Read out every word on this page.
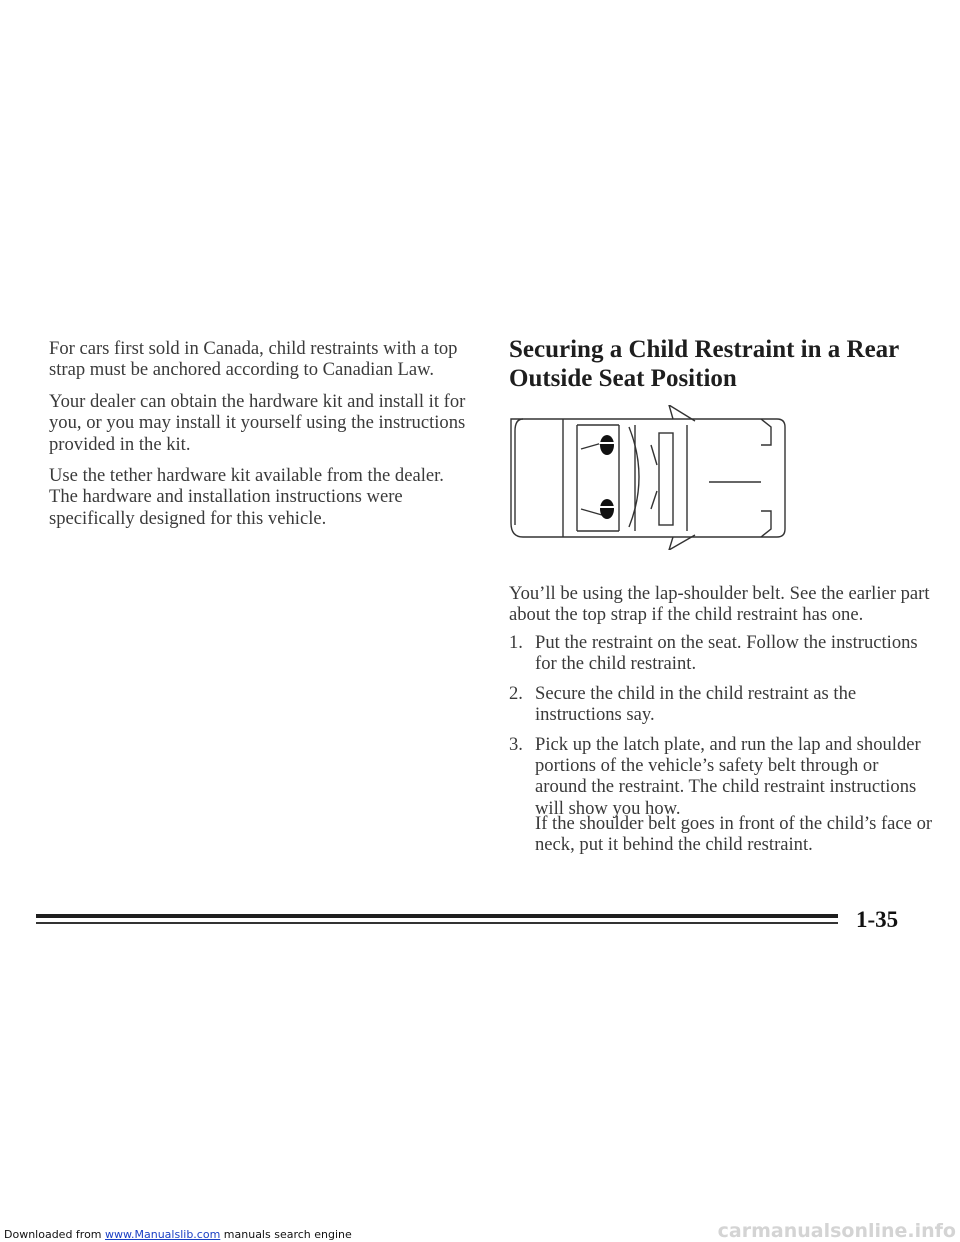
For cars first sold in Canada, child restraints with a top strap must be anchored according to Canadian Law.

Your dealer can obtain the hardware kit and install it for you, or you may install it yourself using the instructions provided in the kit.

Use the tether hardware kit available from the dealer. The hardware and installation instructions were specifically designed for this vehicle.

Securing a Child Restraint in a Rear Outside Seat Position

You’ll be using the lap-shoulder belt. See the earlier part about the top strap if the child restraint has one.

1. Put the restraint on the seat. Follow the instructions for the child restraint.
2. Secure the child in the child restraint as the instructions say.
3. Pick up the latch plate, and run the lap and shoulder portions of the vehicle’s safety belt through or around the restraint. The child restraint instructions will show you how.

If the shoulder belt goes in front of the child’s face or neck, put it behind the child restraint.

1-35

Downloaded from www.Manualslib.com manuals search engine	carmanualsonline.info
